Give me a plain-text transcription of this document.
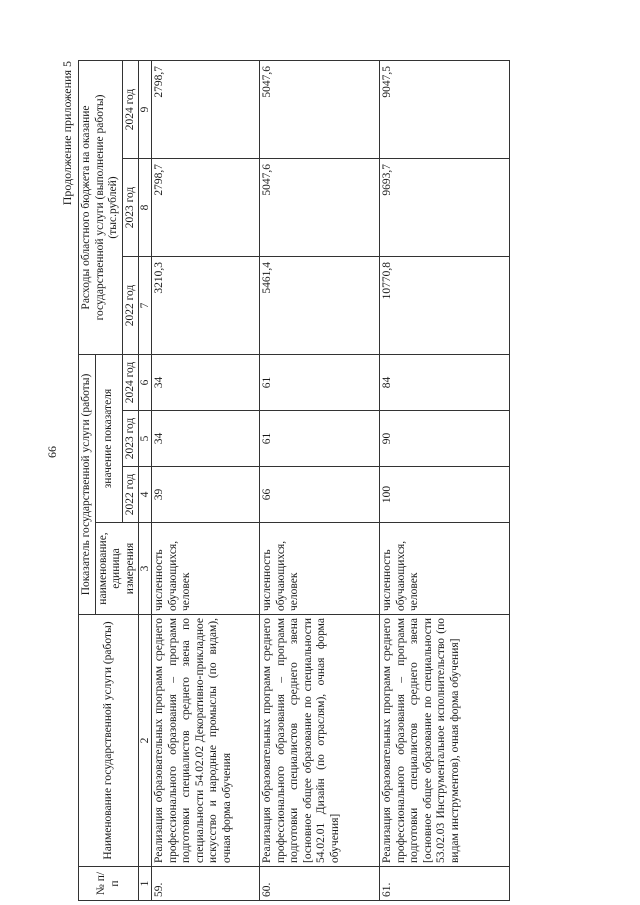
66
Продолжение приложения 5
№ п/п	Наименование государственной услуги (работы)	Показатель государственной услуги (работы)				Расходы областного бюджета на оказание государственной услуги (выполнение работы) (тыс.рублей)		
		наименование, единица измерения	значение показателя					
			2022 год	2023 год	2024 год	2022 год	2023 год	2024 год
1	2	3	4	5	6	7	8	9
59.	Реализация образовательных программ среднего профессионального образования – программ подготовки специалистов среднего звена по специальности 54.02.02 Декоративно-прикладное искусство и народные промыслы (по видам), очная форма обучения	численность обучающихся, человек	39	34	34	3210,3	2798,7	2798,7
60.	Реализация образовательных программ среднего профессионального образования – программ подготовки специалистов среднего звена [основное общее образование по специальности 54.02.01 Дизайн (по отраслям), очная форма обучения]	численность обучающихся, человек	66	61	61	5461,4	5047,6	5047,6
61.	Реализация образовательных программ среднего профессионального образования – программ подготовки специалистов среднего звена [основное общее образование по специальности 53.02.03 Инструментальное исполнительство (по видам инструментов), очная форма обучения]	численность обучающихся, человек	100	90	84	10770,8	9693,7	9047,5
